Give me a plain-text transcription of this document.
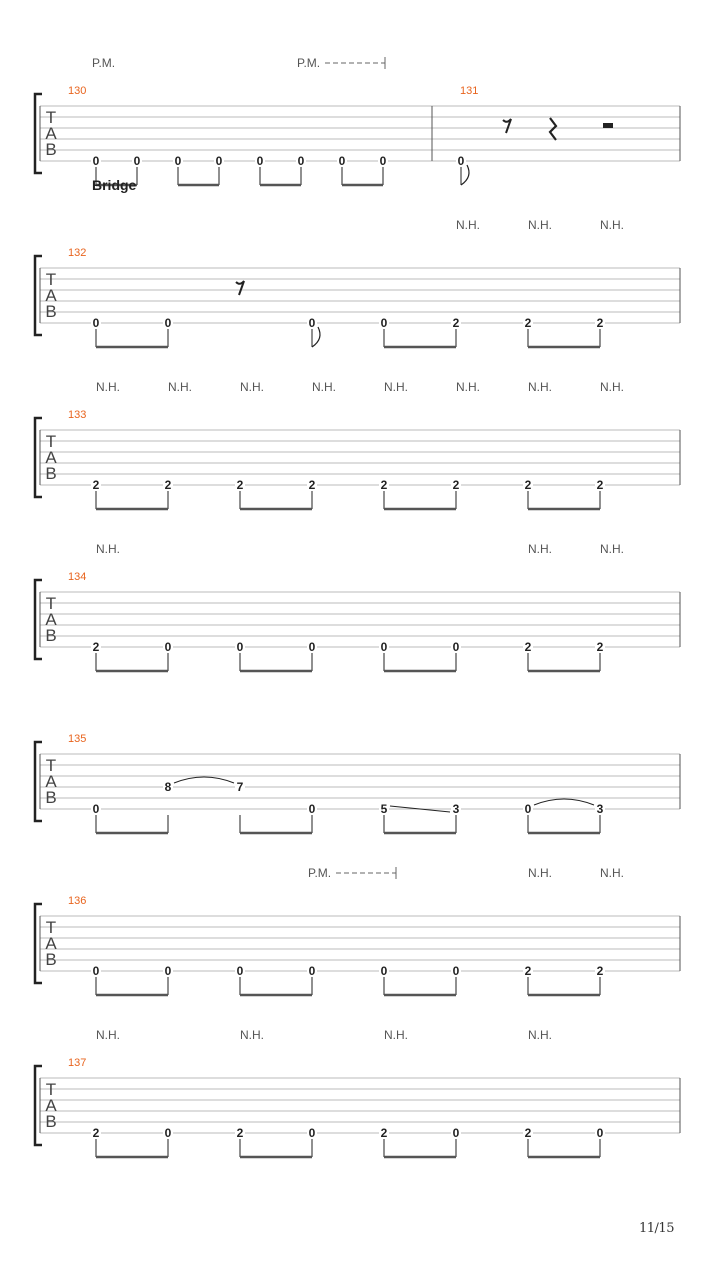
T
A
B
P.M.	P.M.
130
0	0	0	0	0	0	0	0
131
0
T
A
B
Bridge
N.H.	N.H.	N.H.
132
0	0	0	0	2	2	2
T
A
B
N.H.	N.H.	N.H.	N.H.	N.H.	N.H.	N.H.	N.H.
133
2	2	2	2	2	2	2	2
T
A
B
N.H.	N.H.	N.H.
134
2	0	0	0	0	0	2	2
T
A
B
135
0
8	7
0	5	3	0	3
T
A
B
P.M.	N.H.	N.H.
136
0	0	0	0	0	0	2	2
T
A
B
N.H.	N.H.	N.H.	N.H.
137
2	0	2	0	2	0	2	0
11/15
